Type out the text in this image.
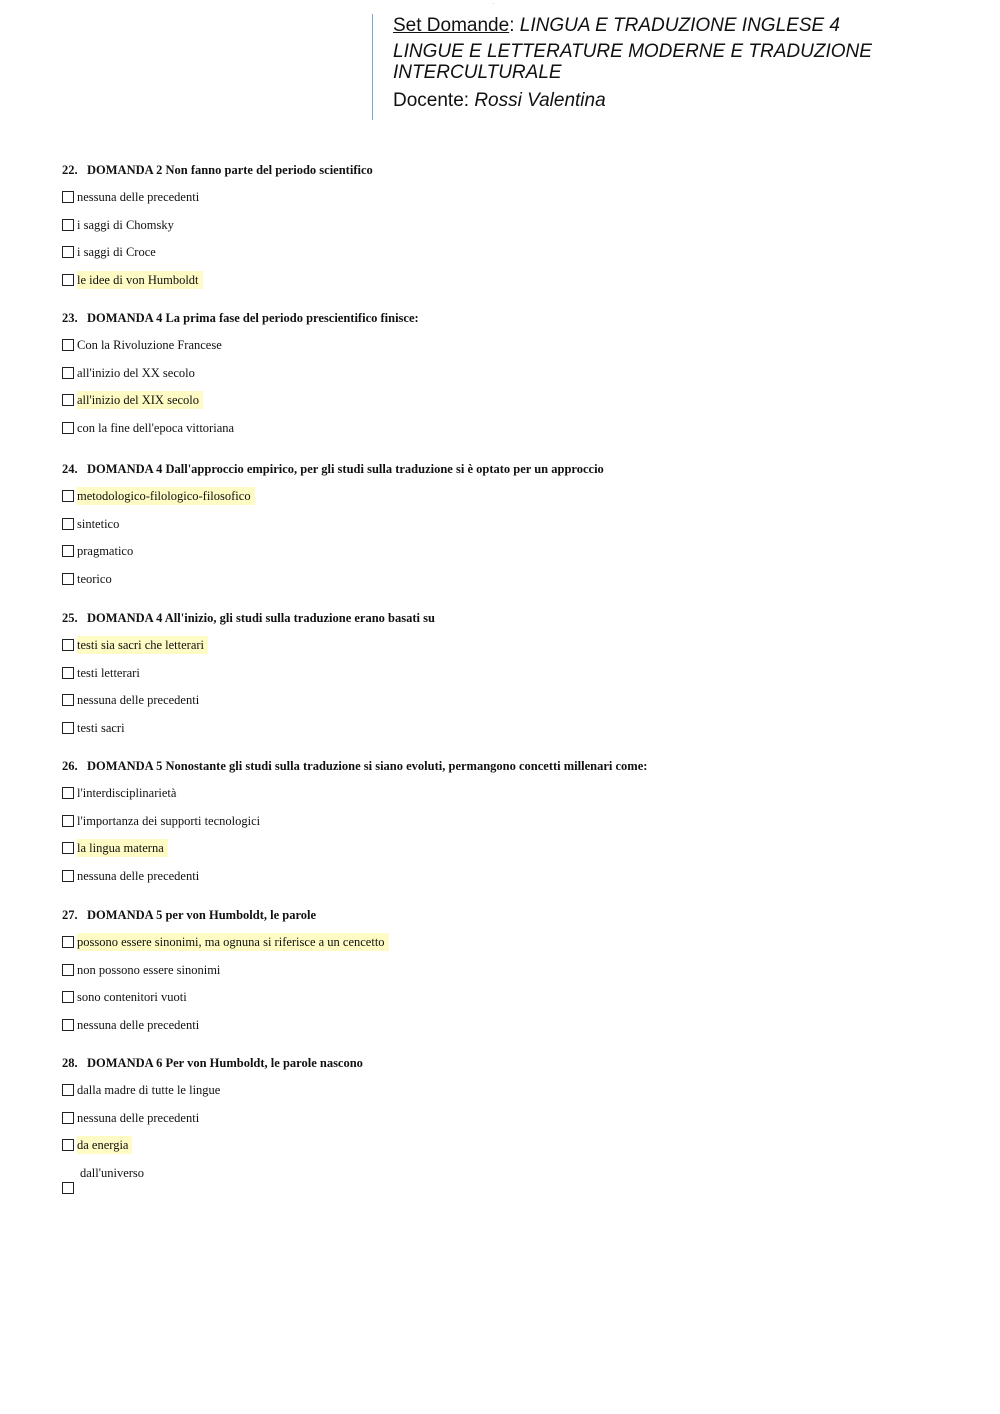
...
Set Domande: LINGUA E TRADUZIONE INGLESE 4
LINGUE E LETTERATURE MODERNE E TRADUZIONE INTERCULTURALE
Docente: Rossi Valentina
22. DOMANDA 2 Non fanno parte del periodo scientifico
nessuna delle precedenti
i saggi di Chomsky
i saggi di Croce
le idee di von Humboldt
23. DOMANDA 4 La prima fase del periodo prescientifico finisce:
Con la Rivoluzione Francese
all'inizio del XX secolo
all'inizio del XIX secolo
con la fine dell'epoca vittoriana
24. DOMANDA 4 Dall'approccio empirico, per gli studi sulla traduzione si è optato per un approccio
metodologico-filologico-filosofico
sintetico
pragmatico
teorico
25. DOMANDA 4 All'inizio, gli studi sulla traduzione erano basati su
testi sia sacri che letterari
testi letterari
nessuna delle precedenti
testi sacri
26. DOMANDA 5 Nonostante gli studi sulla traduzione si siano evoluti, permangono concetti millenari come:
l'interdisciplinarietà
l'importanza dei supporti tecnologici
la lingua materna
nessuna delle precedenti
27. DOMANDA 5 per von Humboldt, le parole
possono essere sinonimi, ma ognuna si riferisce a un cencetto
non possono essere sinonimi
sono contenitori vuoti
nessuna delle precedenti
28. DOMANDA 6 Per von Humboldt, le parole nascono
dalla madre di tutte le lingue
nessuna delle precedenti
da energia
dall'universo
